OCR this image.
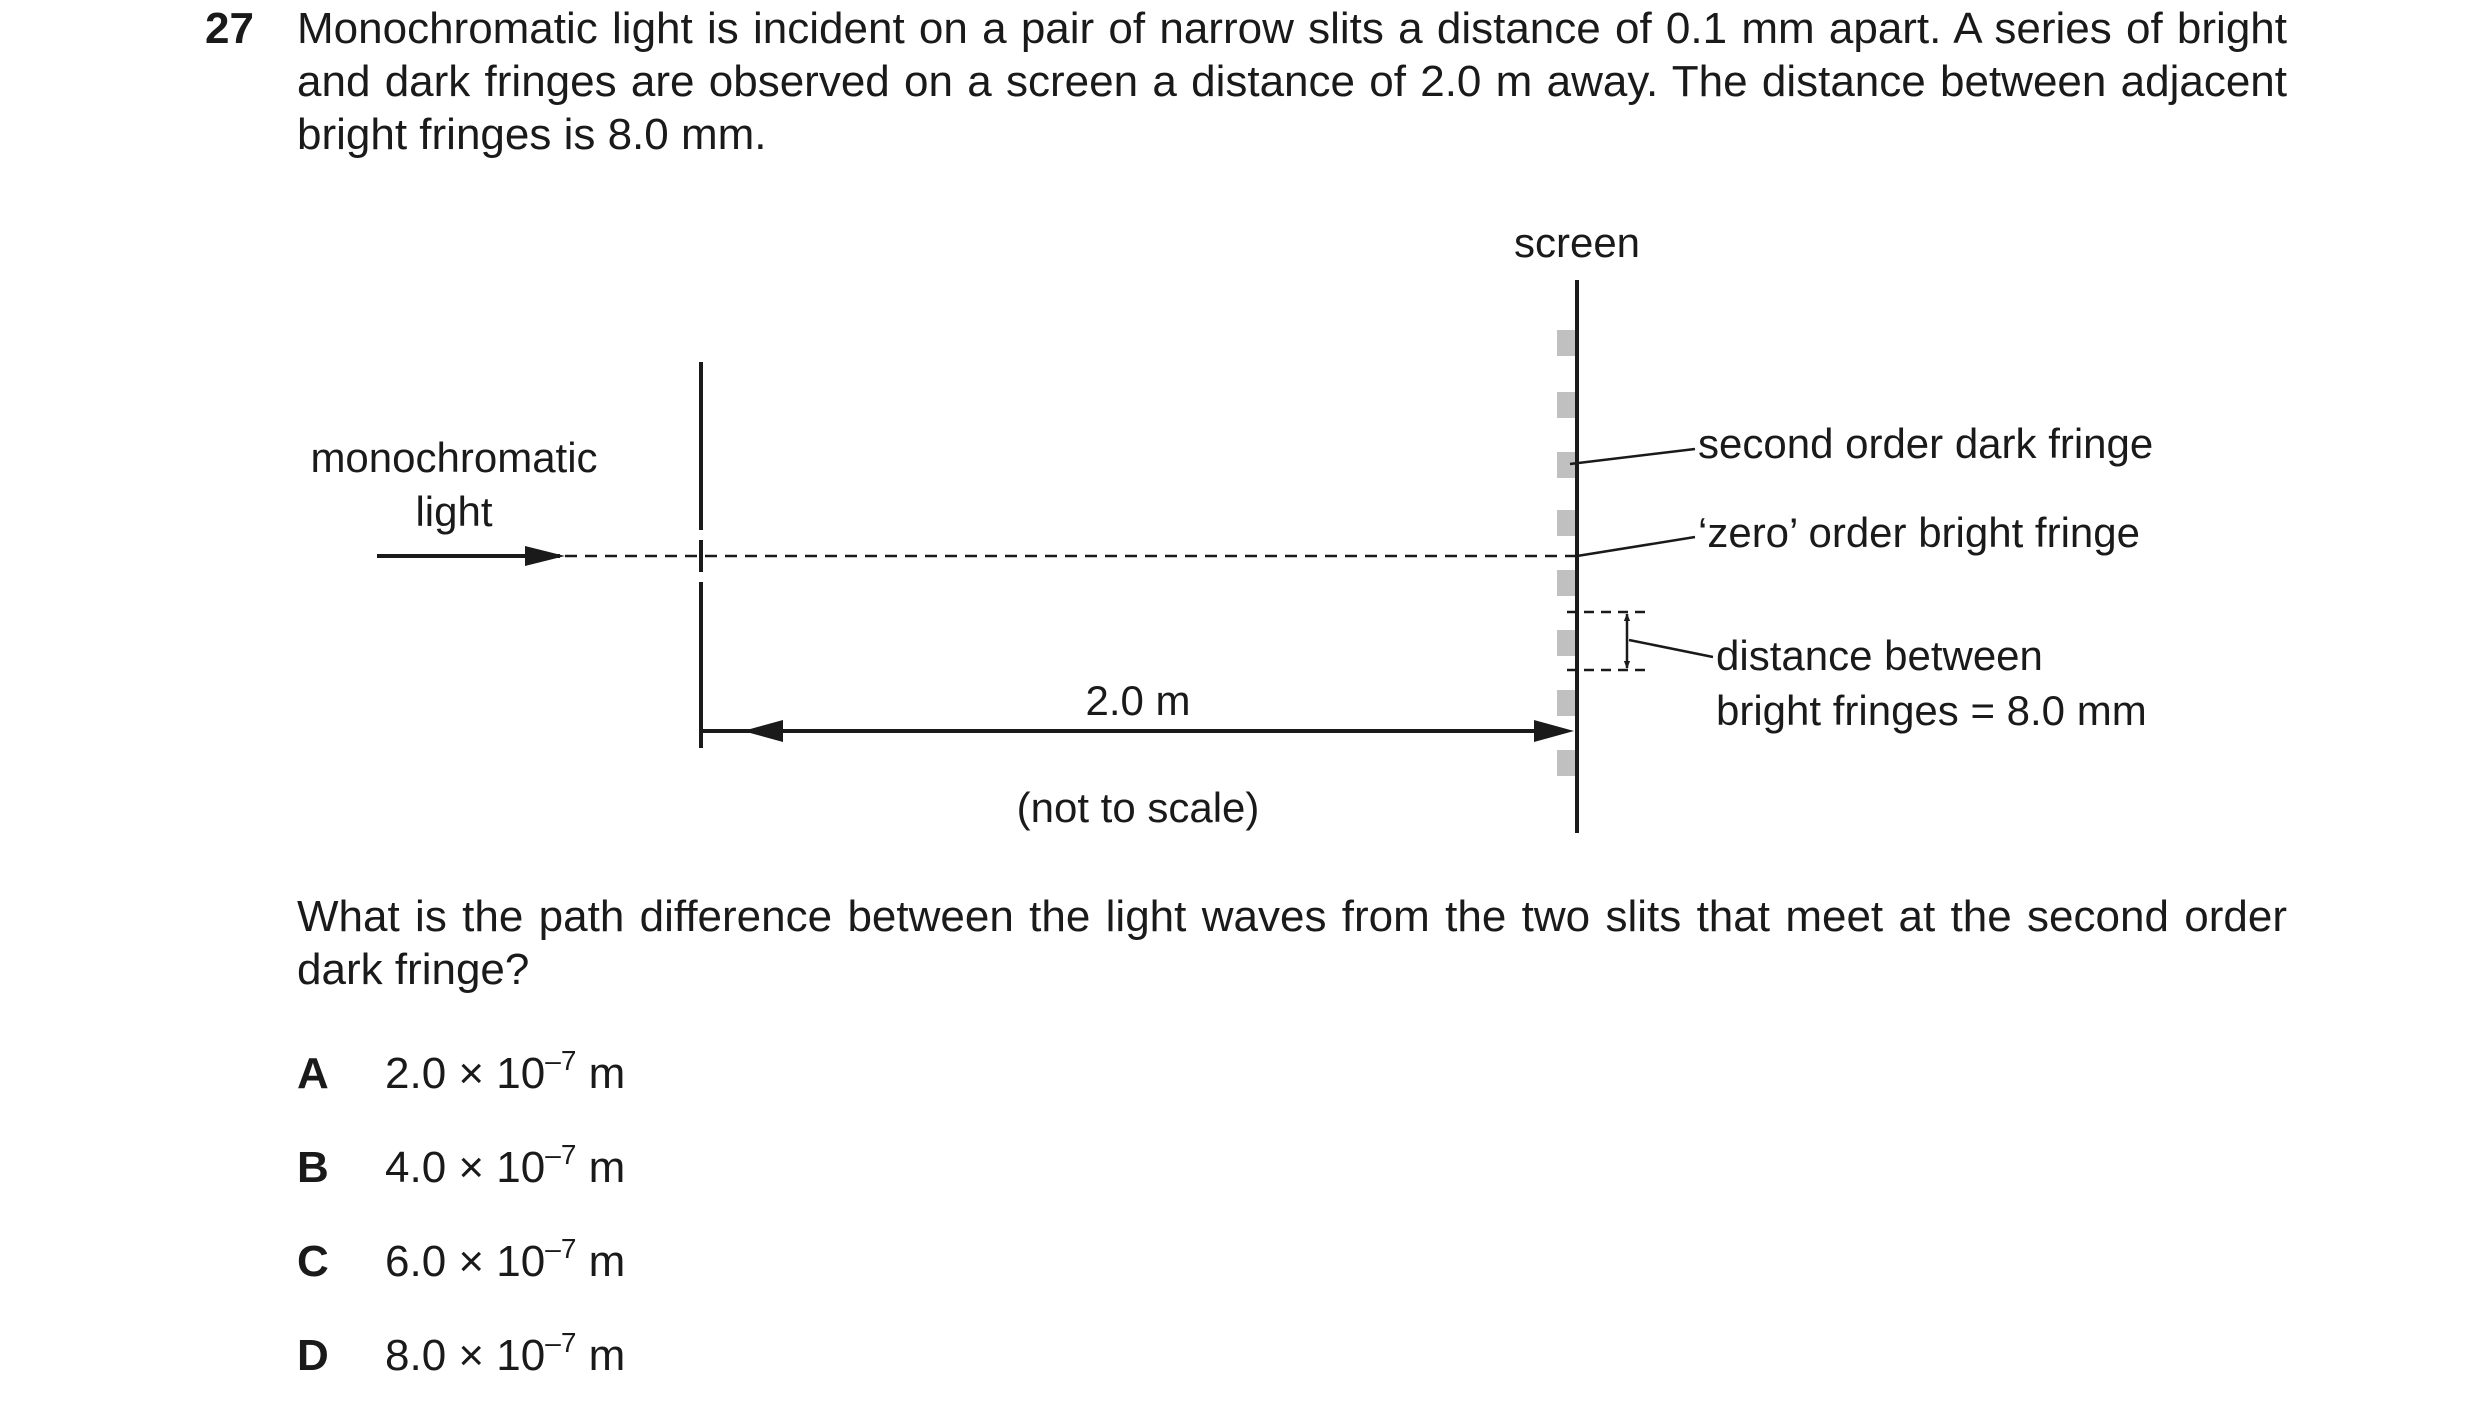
27 Monochromatic light is incident on a pair of narrow slits a distance of 0.1 mm apart. A series of bright and dark fringes are observed on a screen a distance of 2.0 m away. The distance between adjacent bright fringes is 8.0 mm.
screen
monochromatic
light
second order dark fringe
‘zero’ order bright fringe
distance between
bright fringes = 8.0 mm
2.0 m
(not to scale)
What is the path difference between the light waves from the two slits that meet at the second order dark fringe?
A $2.0 \times 10^{-7}$ m
B $4.0 \times 10^{-7}$ m
C $6.0 \times 10^{-7}$ m
D $8.0 \times 10^{-7}$ m
